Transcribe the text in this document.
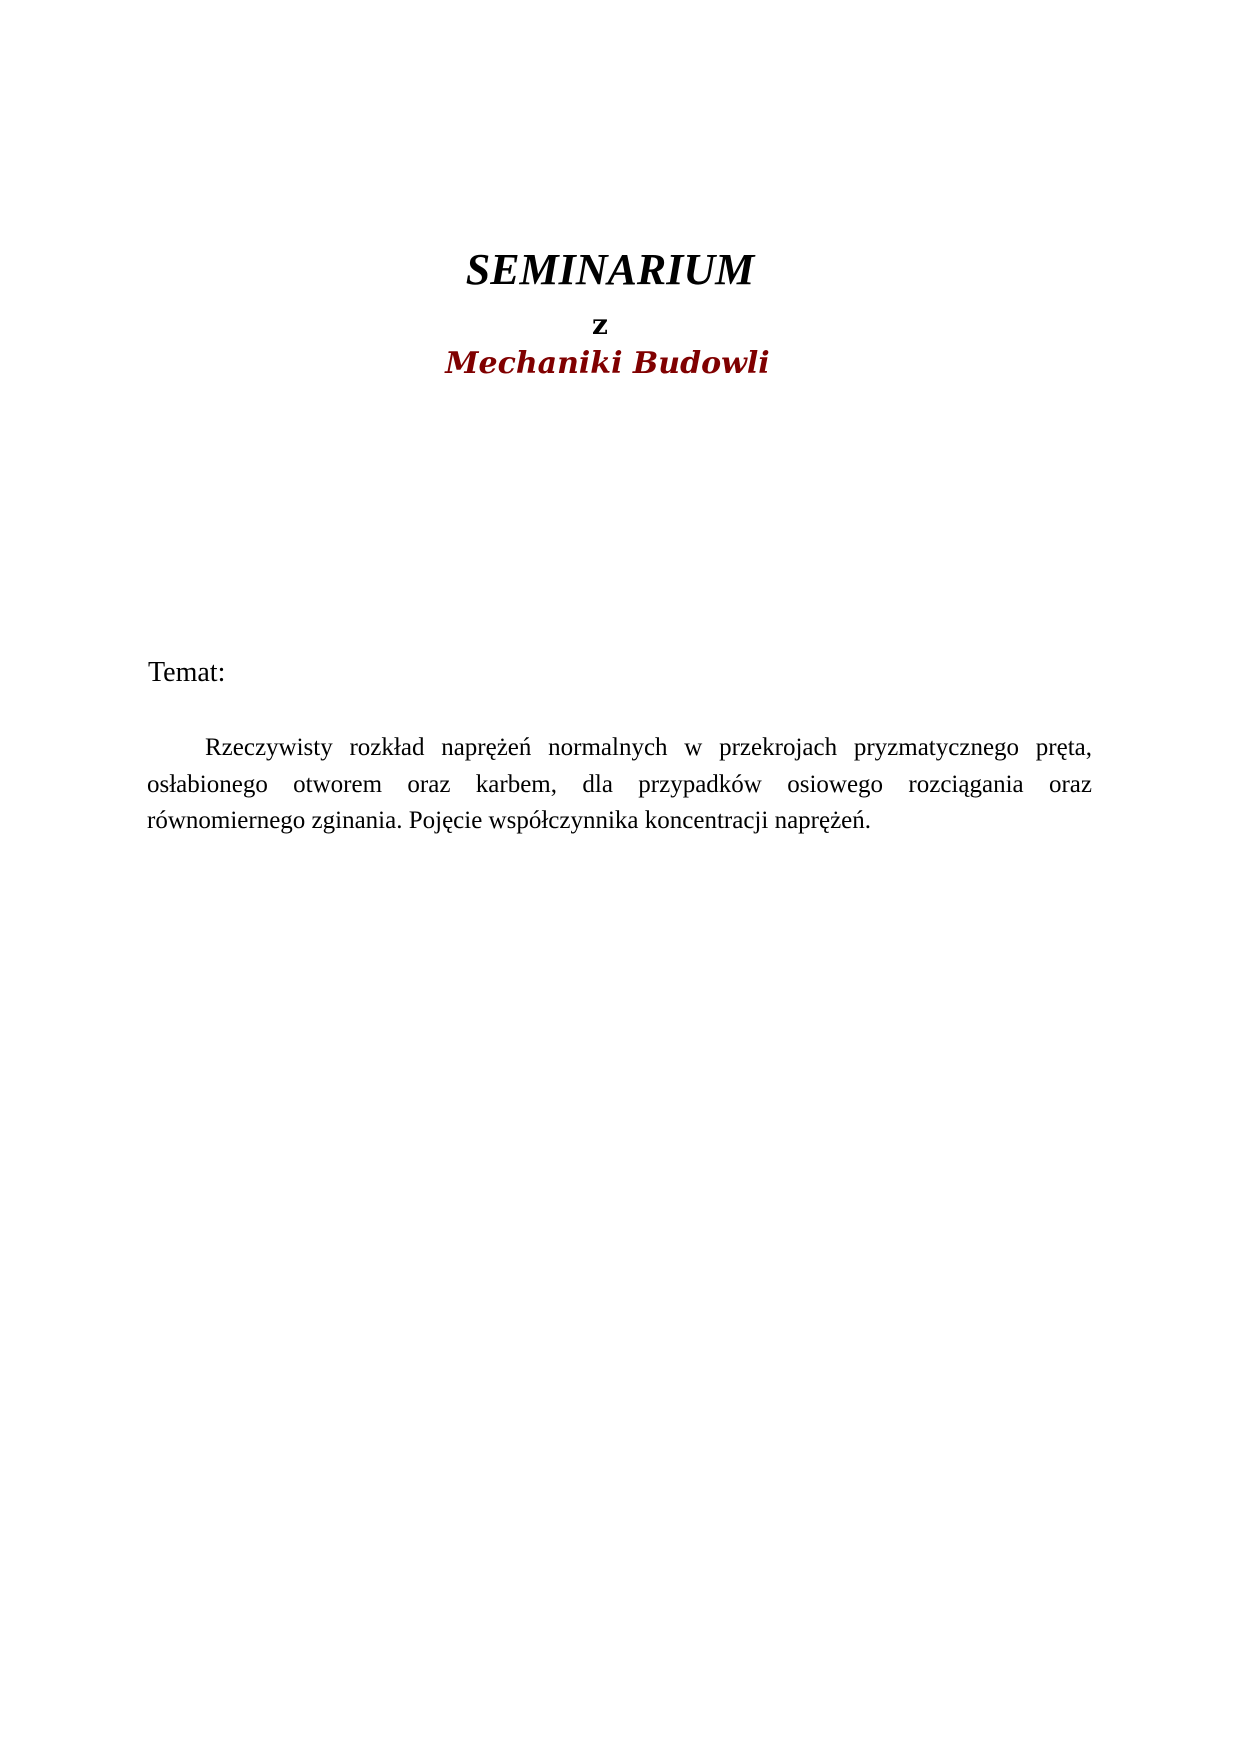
SEMINARIUM
z
Mechaniki Budowli
Temat:

Rzeczywisty rozkład naprężeń normalnych w przekrojach pryzmatycznego pręta, osłabionego otworem oraz karbem, dla przypadków osiowego rozciągania oraz równomiernego zginania. Pojęcie współczynnika koncentracji naprężeń.
